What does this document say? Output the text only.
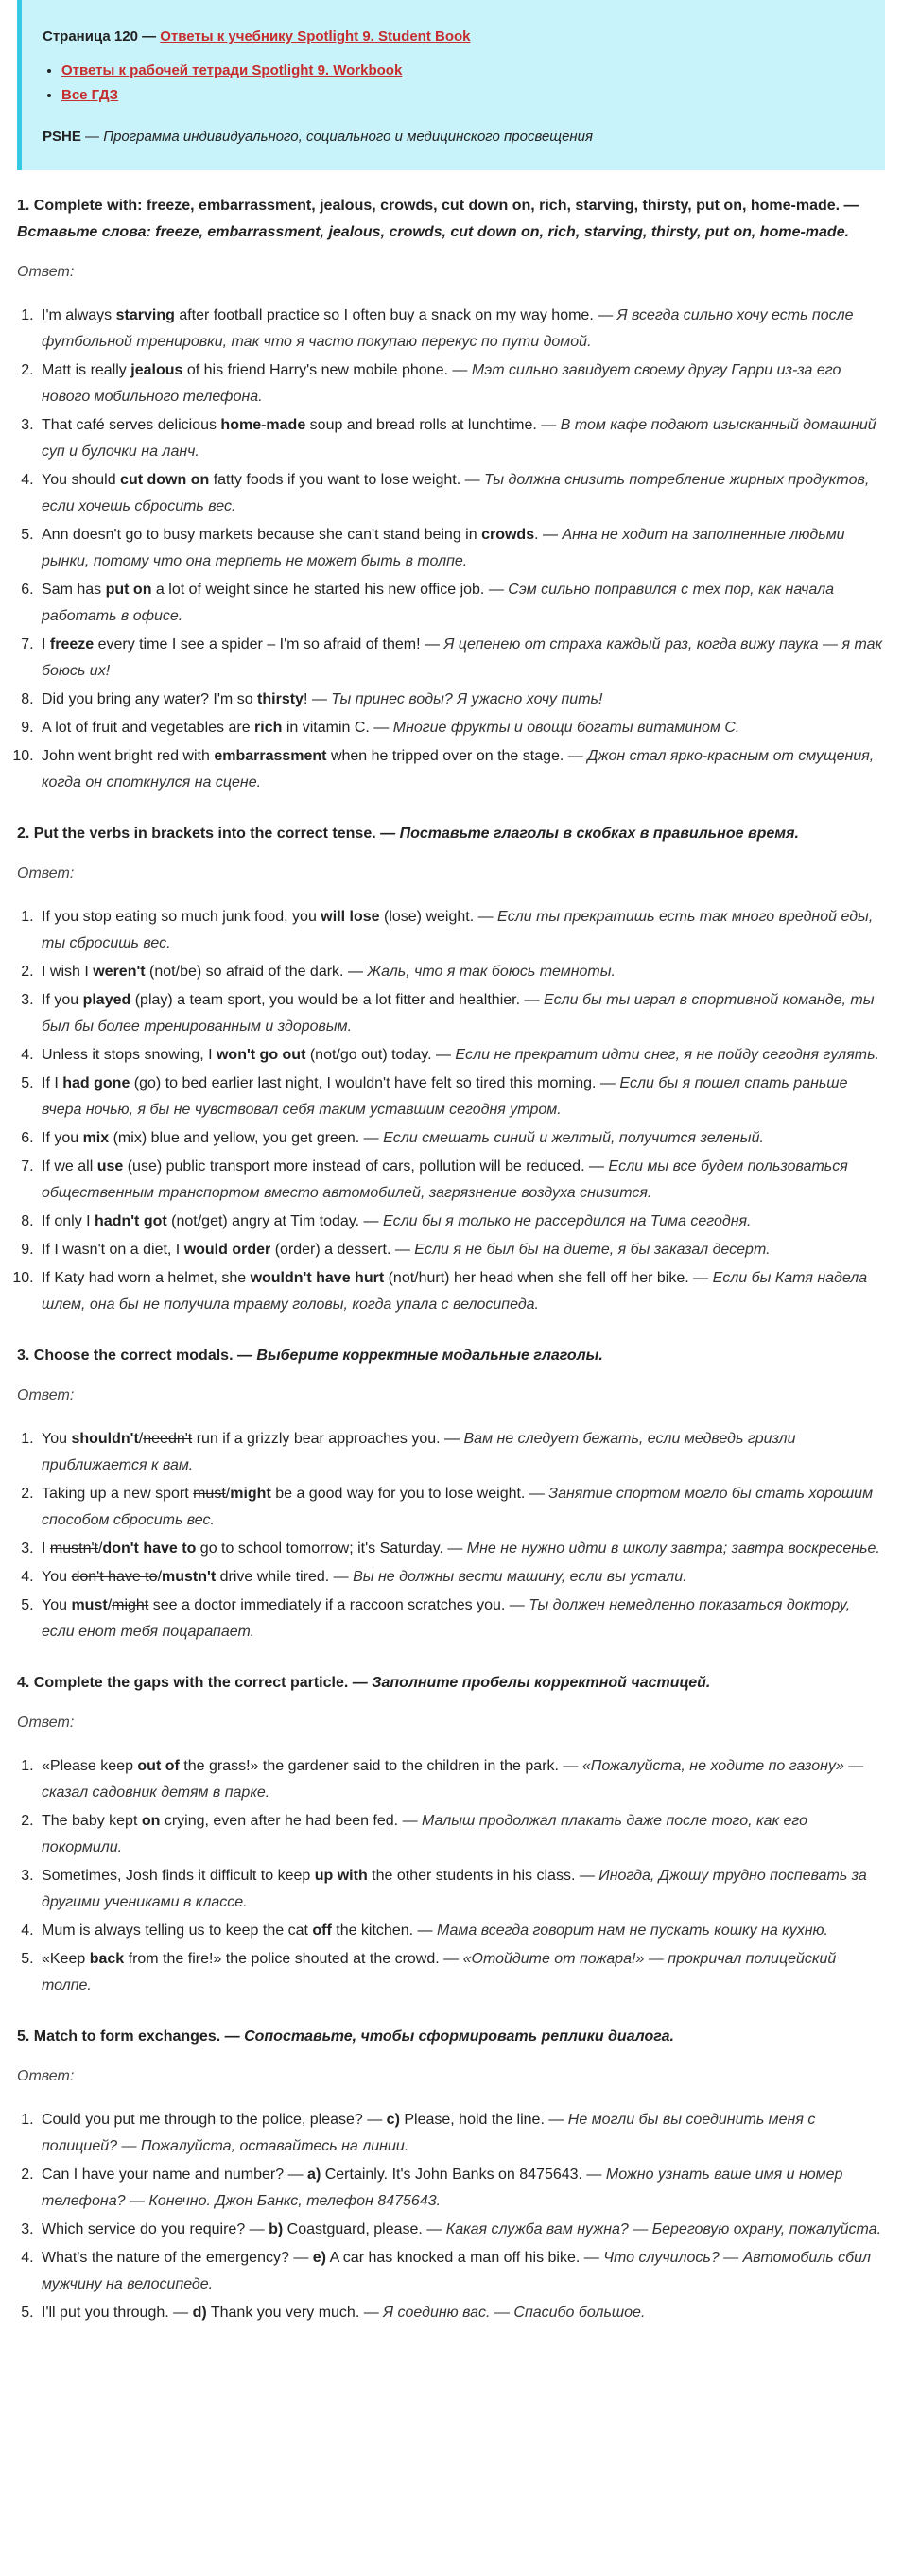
Страница 120 — Ответы к учебнику Spotlight 9. Student Book

• Ответы к рабочей тетради Spotlight 9. Workbook
• Все ГДЗ

PSHE — Программа индивидуального, социального и медицинского просвещения

1. Complete with: freeze, embarrassment, jealous, crowds, cut down on, rich, starving, thirsty, put on, home-made. — Вставьте слова: freeze, embarrassment, jealous, crowds, cut down on, rich, starving, thirsty, put on, home-made.
Ответ:
1. I'm always starving after football practice so I often buy a snack on my way home. — Я всегда сильно хочу есть после футбольной тренировки, так что я часто покупаю перекус по пути домой.
2. Matt is really jealous of his friend Harry's new mobile phone. — Мэт сильно завидует своему другу Гарри из-за его нового мобильного телефона.
3. That café serves delicious home-made soup and bread rolls at lunchtime. — В том кафе подают изысканный домашний суп и булочки на ланч.
4. You should cut down on fatty foods if you want to lose weight. — Ты должна снизить потребление жирных продуктов, если хочешь сбросить вес.
5. Ann doesn't go to busy markets because she can't stand being in crowds. — Анна не ходит на заполненные людьми рынки, потому что она терпеть не может быть в толпе.
6. Sam has put on a lot of weight since he started his new office job. — Сэм сильно поправился с тех пор, как начала работать в офисе.
7. I freeze every time I see a spider – I'm so afraid of them! — Я цепенею от страха каждый раз, когда вижу паука — я так боюсь их!
8. Did you bring any water? I'm so thirsty! — Ты принес воды? Я ужасно хочу пить!
9. A lot of fruit and vegetables are rich in vitamin C. — Многие фрукты и овощи богаты витамином С.
10. John went bright red with embarrassment when he tripped over on the stage. — Джон стал ярко-красным от смущения, когда он споткнулся на сцене.
2. Put the verbs in brackets into the correct tense. — Поставьте глаголы в скобках в правильное время.
Ответ:
1. If you stop eating so much junk food, you will lose (lose) weight. — Если ты прекратишь есть так много вредной еды, ты сбросишь вес.
2. I wish I weren't (not/be) so afraid of the dark. — Жаль, что я так боюсь темноты.
3. If you played (play) a team sport, you would be a lot fitter and healthier. — Если бы ты играл в спортивной команде, ты был бы более тренированным и здоровым.
4. Unless it stops snowing, I won't go out (not/go out) today. — Если не прекратит идти снег, я не пойду сегодня гулять.
5. If I had gone (go) to bed earlier last night, I wouldn't have felt so tired this morning. — Если бы я пошел спать раньше вчера ночью, я бы не чувствовал себя таким уставшим сегодня утром.
6. If you mix (mix) blue and yellow, you get green. — Если смешать синий и желтый, получится зеленый.
7. If we all use (use) public transport more instead of cars, pollution will be reduced. — Если мы все будем пользоваться общественным транспортом вместо автомобилей, загрязнение воздуха снизится.
8. If only I hadn't got (not/get) angry at Tim today. — Если бы я только не рассердился на Тима сегодня.
9. If I wasn't on a diet, I would order (order) a dessert. — Если я не был бы на диете, я бы заказал десерт.
10. If Katy had worn a helmet, she wouldn't have hurt (not/hurt) her head when she fell off her bike. — Если бы Катя надела шлем, она бы не получила травму головы, когда упала с велосипеда.
3. Choose the correct modals. — Выберите корректные модальные глаголы.
Ответ:
1. You shouldn't/needn't run if a grizzly bear approaches you. — Вам не следует бежать, если медведь гризли приближается к вам.
2. Taking up a new sport must/might be a good way for you to lose weight. — Занятие спортом могло бы стать хорошим способом сбросить вес.
3. I mustn't/don't have to go to school tomorrow; it's Saturday. — Мне не нужно идти в школу завтра; завтра воскресенье.
4. You don't have to/mustn't drive while tired. — Вы не должны вести машину, если вы устали.
5. You must/might see a doctor immediately if a raccoon scratches you. — Ты должен немедленно показаться доктору, если енот тебя поцарапает.
4. Complete the gaps with the correct particle. — Заполните пробелы корректной частицей.
Ответ:
1. «Please keep out of the grass!» the gardener said to the children in the park. — «Пожалуйста, не ходите по газону» — сказал садовник детям в парке.
2. The baby kept on crying, even after he had been fed. — Малыш продолжал плакать даже после того, как его покормили.
3. Sometimes, Josh finds it difficult to keep up with the other students in his class. — Иногда, Джошу трудно поспевать за другими учениками в классе.
4. Mum is always telling us to keep the cat off the kitchen. — Мама всегда говорит нам не пускать кошку на кухню.
5. «Keep back from the fire!» the police shouted at the crowd. — «Отойдите от пожара!» — прокричал полицейский толпе.
5. Match to form exchanges. — Сопоставьте, чтобы сформировать реплики диалога.
Ответ:
1. Could you put me through to the police, please? — c) Please, hold the line. — Не могли бы вы соединить меня с полицией? — Пожалуйста, оставайтесь на линии.
2. Can I have your name and number? — a) Certainly. It's John Banks on 8475643. — Можно узнать ваше имя и номер телефона? — Конечно. Джон Банкс, телефон 8475643.
3. Which service do you require? — b) Coastguard, please. — Какая служба вам нужна? — Береговую охрану, пожалуйста.
4. What's the nature of the emergency? — e) A car has knocked a man off his bike. — Что случилось? — Автомобиль сбил мужчину на велосипеде.
5. I'll put you through. — d) Thank you very much. — Я соединю вас. — Спасибо большое.
